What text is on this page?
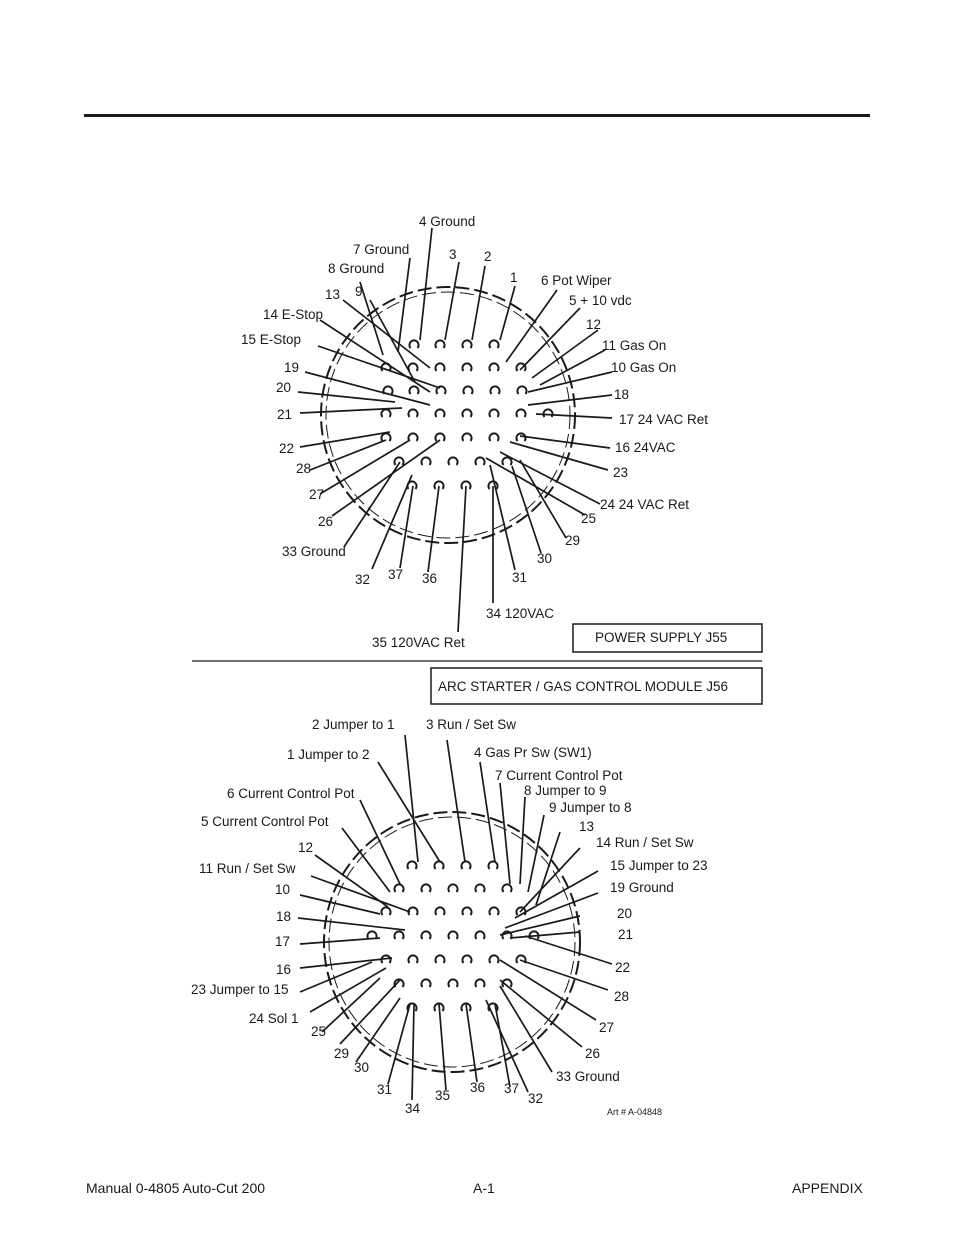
4 Ground
7 Ground	3 2
8 Ground
1 6 Pot Wiper
13 9
5 + 10 vdc
14 E-Stop
12
15 E-Stop	11 Gas On
19	10 Gas On
20	18
21	17 24 VAC Ret
22	16 24VAC
28	23
27
24 24 VAC Ret
26	25
29
33 Ground	30
32 37 36	31
34 120VAC
35 120VAC Ret	POWER SUPPLY J55
ARC STARTER / GAS CONTROL MODULE J56
2 Jumper to 1 3 Run / Set Sw
1 Jumper to 2	4 Gas Pr Sw (SW1)
7 Current Control Pot
6 Current Control Pot	8 Jumper to 9
9 Jumper to 8
5 Current Control Pot	13
14 Run / Set Sw
12
15 Jumper to 23
11 Run / Set Sw
19 Ground
10
20
18
21
17
22
16
28
23 Jumper to 15
27
24 Sol 1
26
25
29
33 Ground
30
31	37
36
32
35
34	Art # A-04848
Manual 0-4805 Auto-Cut 200	A-1	APPENDIX
